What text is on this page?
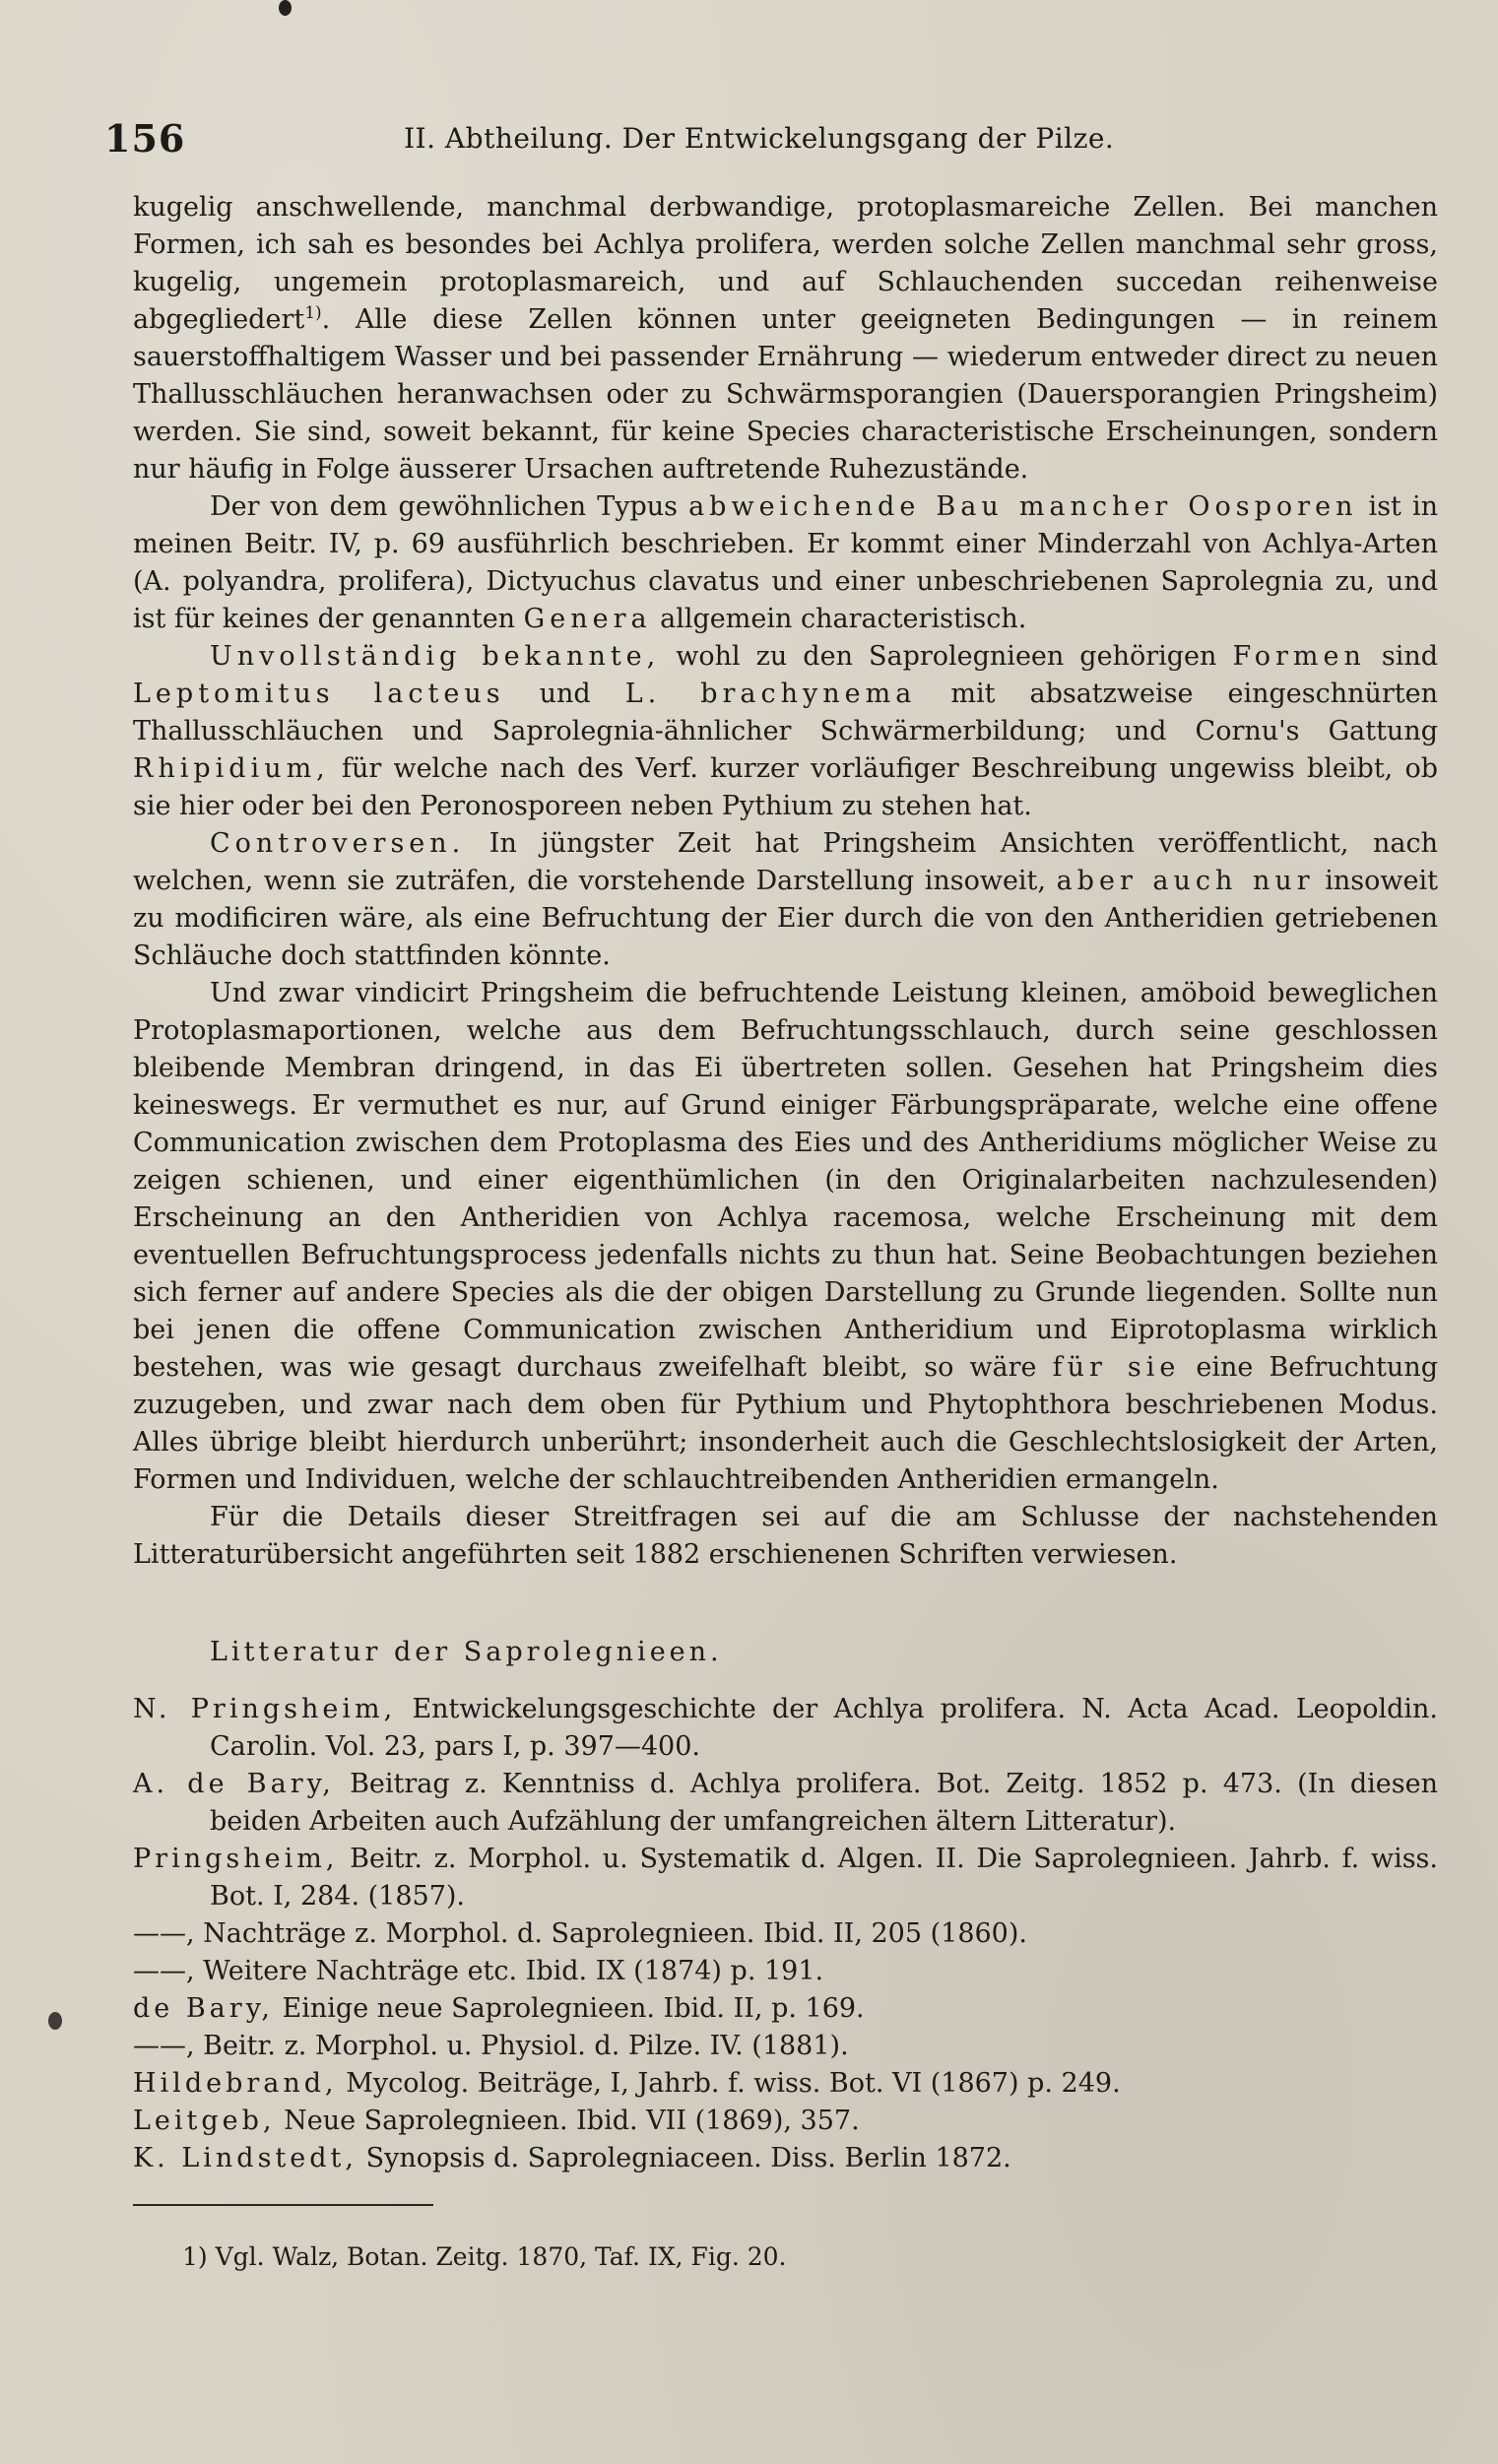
156	II. Abtheilung. Der Entwickelungsgang der Pilze.

kugelig anschwellende, manchmal derbwandige, protoplasmareiche Zellen. Bei manchen Formen, ich sah es besondes bei Achlya prolifera, werden solche Zellen manchmal sehr gross, kugelig, ungemein protoplasmareich, und auf Schlauchenden succedan reihenweise abgegliedert$^{1)}$. Alle diese Zellen können unter geeigneten Bedingungen — in reinem sauerstoffhaltigem Wasser und bei passender Ernährung — wiederum entweder direct zu neuen Thallusschläuchen heranwachsen oder zu Schwärmsporangien (Dauersporangien Pringsheim) werden. Sie sind, soweit bekannt, für keine Species characteristische Erscheinungen, sondern nur häufig in Folge äusserer Ursachen auftretende Ruhezustände.

Der von dem gewöhnlichen Typus abweichende Bau mancher Oosporen ist in meinen Beitr. IV, p. 69 ausführlich beschrieben. Er kommt einer Minderzahl von Achlya-Arten (A. polyandra, prolifera), Dictyuchus clavatus und einer unbeschriebenen Saprolegnia zu, und ist für keines der genannten Genera allgemein characteristisch.

Unvollständig bekannte, wohl zu den Saprolegnieen gehörigen Formen sind Leptomitus lacteus und L. brachynema mit absatzweise eingeschnürten Thallusschläuchen und Saprolegnia-ähnlicher Schwärmerbildung; und Cornu's Gattung Rhipidium, für welche nach des Verf. kurzer vorläufiger Beschreibung ungewiss bleibt, ob sie hier oder bei den Peronosporeen neben Pythium zu stehen hat.

Controversen. In jüngster Zeit hat Pringsheim Ansichten veröffentlicht, nach welchen, wenn sie zuträfen, die vorstehende Darstellung insoweit, aber auch nur insoweit zu modificiren wäre, als eine Befruchtung der Eier durch die von den Antheridien getriebenen Schläuche doch stattfinden könnte.

Und zwar vindicirt Pringsheim die befruchtende Leistung kleinen, amöboid beweglichen Protoplasmaportionen, welche aus dem Befruchtungsschlauch, durch seine geschlossen bleibende Membran dringend, in das Ei übertreten sollen. Gesehen hat Pringsheim dies keineswegs. Er vermuthet es nur, auf Grund einiger Färbungspräparate, welche eine offene Communication zwischen dem Protoplasma des Eies und des Antheridiums möglicher Weise zu zeigen schienen, und einer eigenthümlichen (in den Originalarbeiten nachzulesenden) Erscheinung an den Antheridien von Achlya racemosa, welche Erscheinung mit dem eventuellen Befruchtungsprocess jedenfalls nichts zu thun hat. Seine Beobachtungen beziehen sich ferner auf andere Species als die der obigen Darstellung zu Grunde liegenden. Sollte nun bei jenen die offene Communication zwischen Antheridium und Eiprotoplasma wirklich bestehen, was wie gesagt durchaus zweifelhaft bleibt, so wäre für sie eine Befruchtung zuzugeben, und zwar nach dem oben für Pythium und Phytophthora beschriebenen Modus. Alles übrige bleibt hierdurch unberührt; insonderheit auch die Geschlechtslosigkeit der Arten, Formen und Individuen, welche der schlauchtreibenden Antheridien ermangeln.

Für die Details dieser Streitfragen sei auf die am Schlusse der nachstehenden Litteraturübersicht angeführten seit 1882 erschienenen Schriften verwiesen.

Litteratur der Saprolegnieen.
N. Pringsheim, Entwickelungsgeschichte der Achlya prolifera. N. Acta Acad. Leopoldin. Carolin. Vol. 23, pars I, p. 397—400.
A. de Bary, Beitrag z. Kenntniss d. Achlya prolifera. Bot. Zeitg. 1852 p. 473. (In diesen beiden Arbeiten auch Aufzählung der umfangreichen ältern Litteratur).
Pringsheim, Beitr. z. Morphol. u. Systematik d. Algen. II. Die Saprolegnieen. Jahrb. f. wiss. Bot. I, 284. (1857).
——, Nachträge z. Morphol. d. Saprolegnieen. Ibid. II, 205 (1860).
——, Weitere Nachträge etc. Ibid. IX (1874) p. 191.
de Bary, Einige neue Saprolegnieen. Ibid. II, p. 169.
——, Beitr. z. Morphol. u. Physiol. d. Pilze. IV. (1881).
Hildebrand, Mycolog. Beiträge, I, Jahrb. f. wiss. Bot. VI (1867) p. 249.
Leitgeb, Neue Saprolegnieen. Ibid. VII (1869), 357.
K. Lindstedt, Synopsis d. Saprolegniaceen. Diss. Berlin 1872.
1) Vgl. Walz, Botan. Zeitg. 1870, Taf. IX, Fig. 20.
